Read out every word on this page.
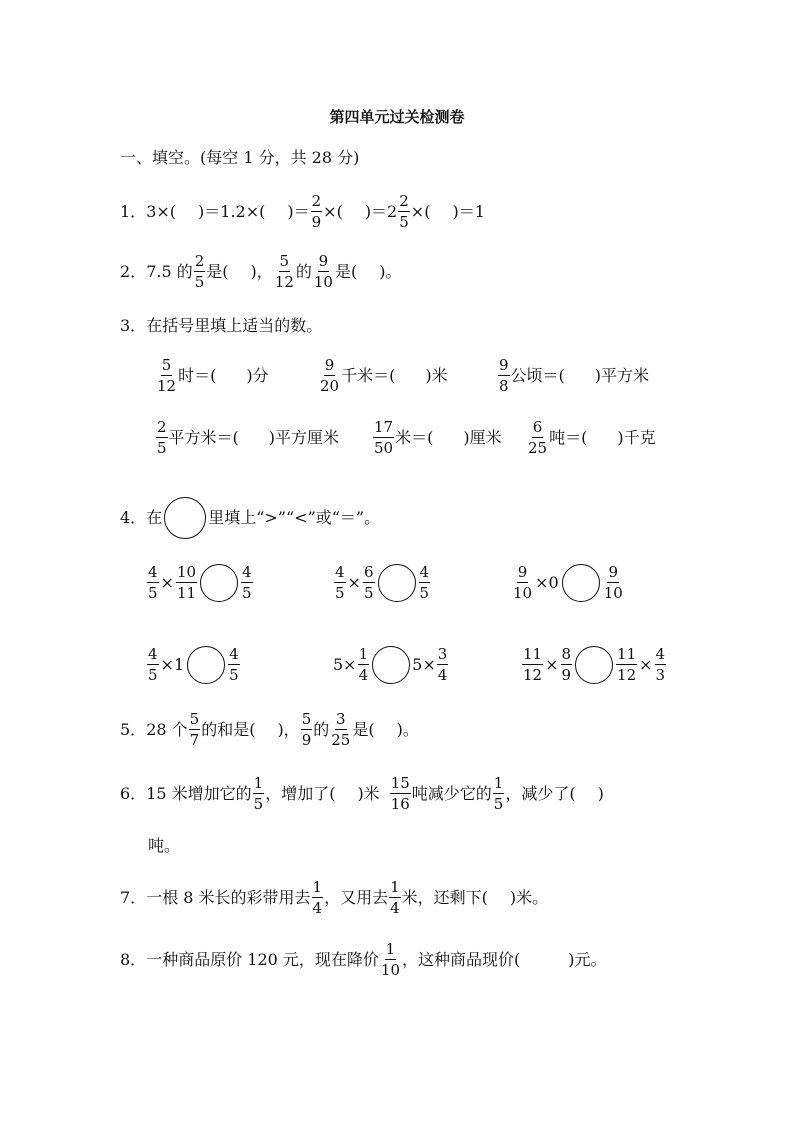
第四单元过关检测卷
一、填空。(每空 1 分，共 28 分)
1． 3×( )＝1.2×( )＝ $\frac{2}{9}$ ×( )$=2 \frac{2}{5}$ ×( )＝1
2． 7.5 的 $\frac{2}{5}$ 是( )， $\frac{5}{12}$ 的 $\frac{9}{10}$ 是( )。
3． 在括号里填上适当的数。
$\frac{5}{12}$ 时＝( )分	$\frac{9}{20}$ 千米＝( )米	$\frac{9}{8}$ 公顷＝( )平方米
$\frac{2}{5}$ 平方米＝( )平方厘米 $\frac{17}{50}$ 米＝( )厘米 $\frac{6}{25}$ 吨＝( )千克
4． 在	里填上“>”“<”或“＝”。
$\frac{4}{5} \times \frac{10}{11}$	$\frac{4}{5}$	$\frac{4}{5} \times \frac{6}{5}$	$\frac{4}{5}$	$\frac{9}{10} \times 0$	$\frac{9}{10}$
$\frac{4}{5} \times 1$	$\frac{4}{5}$	$5\times \frac{1}{4}$	$5\times \frac{3}{4}$	$\frac{11}{12} \times \frac{8}{9}$	$\frac{11}{12} \times \frac{4}{3}$
5． 28 个 $\frac{5}{7}$ 的和是( )， $\frac{5}{9}$ 的 $\frac{3}{25}$ 是( )。
6． 15 米增加它的 $\frac{1}{5}$ ，增加了( )米 $\frac{15}{16}$ 吨减少它的 $\frac{1}{5}$ ，减少了( )
吨。
7． 一根 8 米长的彩带用去 $\frac{1}{4}$ ，又用去 $\frac{1}{4}$ 米，还剩下( )米。
8． 一种商品原价 120 元，现在降价 $\frac{1}{10}$ ，这种商品现价(	)元。
